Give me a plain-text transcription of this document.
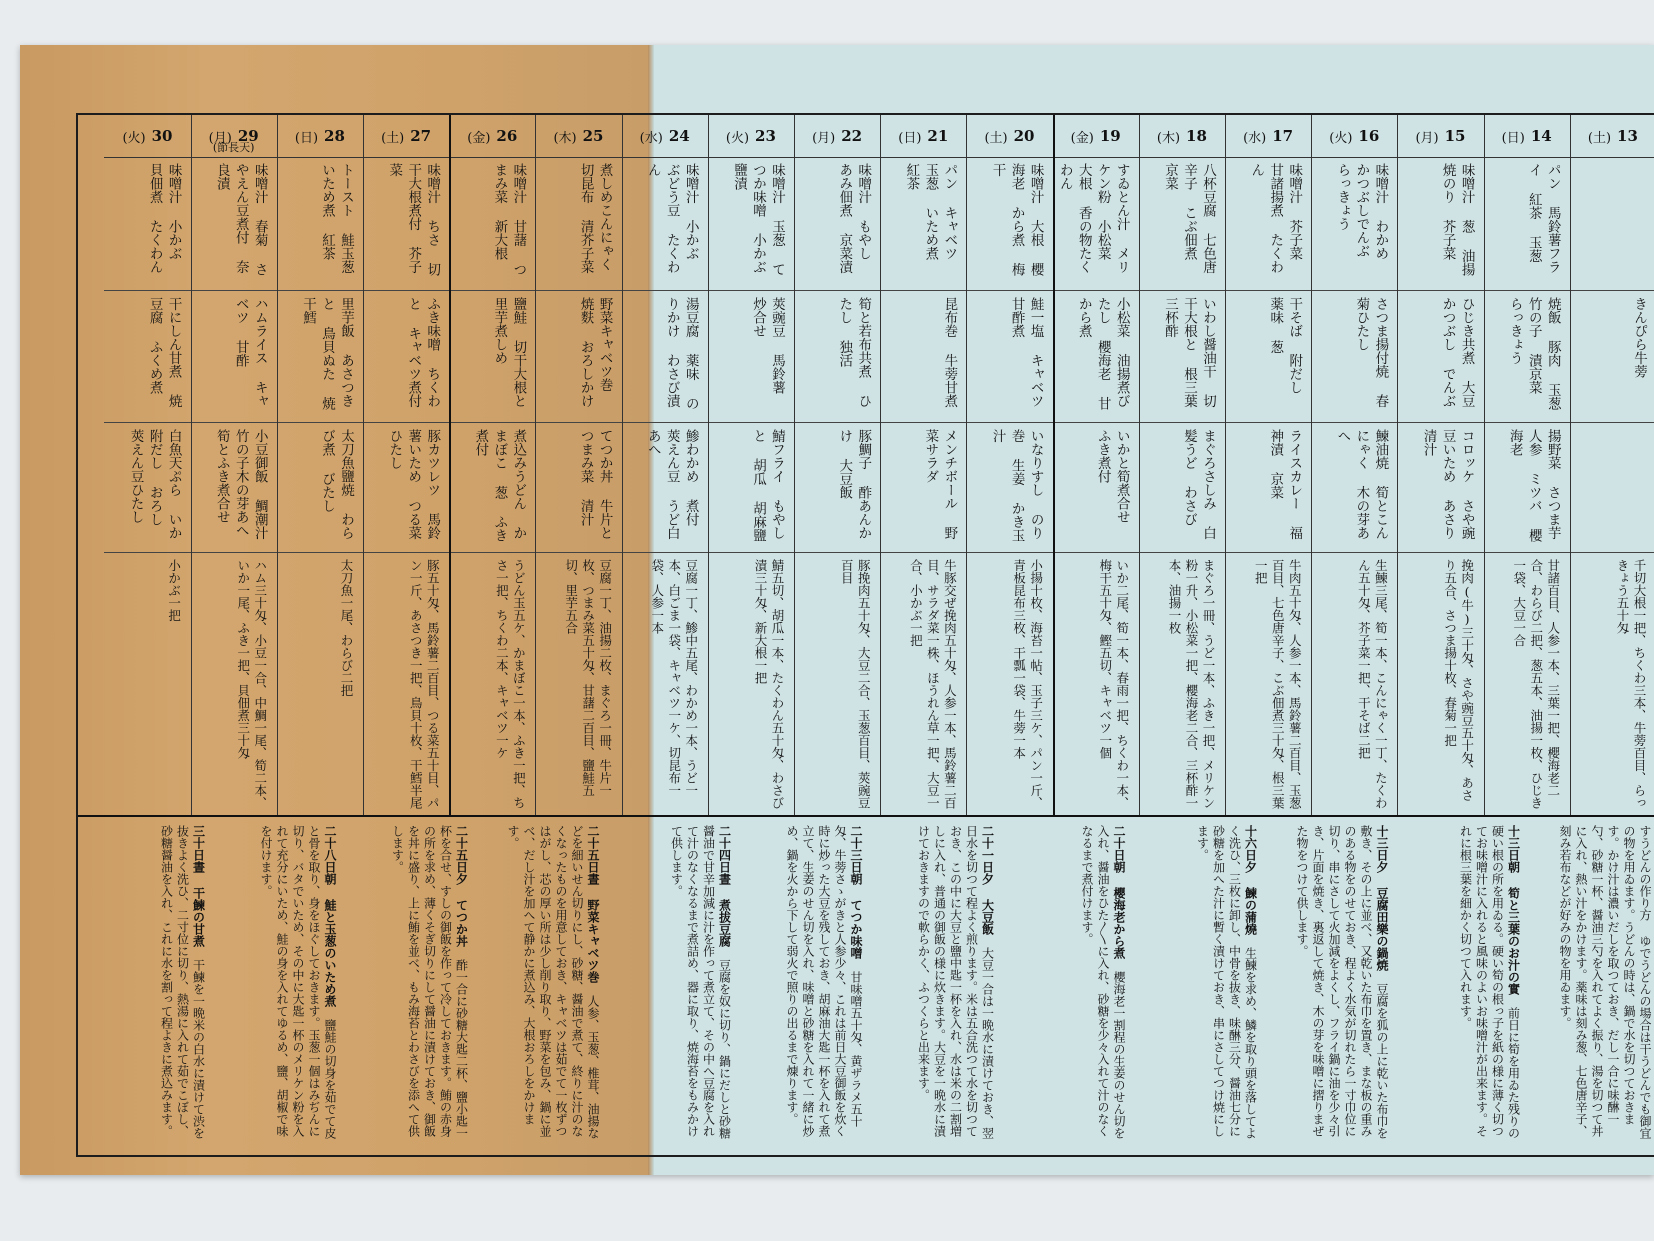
(土) 13
きんぴら牛蒡
千切大根一把、ちくわ三本、牛蒡百目、らっきょう五十匁
(日) 14
パン 馬鈴薯フライ 紅茶 玉葱
焼飯 豚肉 玉葱 竹の子 漬京菜 らっきょう
揚野菜 さつま芋 人参 ミツバ 櫻海老
甘諸百目、人参一本、三葉一把、櫻海老二合、わらび二把、葱五本、油揚一枚、ひじき一袋、大豆一合
(月) 15
味噌汁 葱 油揚 焼のり 芥子菜
ひじき共煮 大豆 かつぶし でんぶ
コロッケ さや豌豆いため あさり清汁
挽肉(牛)三十匁、さや豌豆五十匁、あさり五合、さつま揚十枚、春菊一把
(火) 16
味噌汁 わかめ かつぶしでんぶ らっきょう
さつま揚付焼 春菊ひたし
鰊油焼 筍とこんにゃく 木の芽あへ
生鰊三尾、筍一本、こんにゃく一丁、たくわん五十匁、芥子菜一把、干そば二把
(水) 17
味噌汁 芥子菜 甘諸揚煮 たくわん
干そば 附だし 薬味 葱
ライスカレー 福神漬 京菜
牛肉五十匁、人参一本、馬鈴薯二百目、玉葱百目、七色唐辛子、こぶ佃煮三十匁、根三葉一把
(木) 18
八杯豆腐 七色唐辛子 こぶ佃煮 京菜
いわし醤油干 切干大根と 根三葉 三杯酢
まぐろさしみ 白髪うど わさび
まぐろ一冊、うど一本、ふき一把、メリケン粉一升、小松菜一把、櫻海老二合、三杯酢一本、油揚一枚
(金) 19
すゐとん汁 メリケン粉 小松菜 大根 香の物たくわん
小松菜 油揚煮びたし 櫻海老 甘から煮
いかと筍煮合せ ふき煮付
いか二尾、筍一本、春雨一把、ちくわ一本、梅干五十匁、鰹五切、キャベツ一個
(土) 20
味噌汁 大根 櫻海老 から煮 梅干
鮭一塩 キャベツ 甘酢煮
いなりすし のり巻 生姜 かき玉汁
小揚十枚、海苔一帖、玉子三ケ、パン一斤、青板昆布三枚、干瓢一袋、牛蒡一本
(日) 21
パン キャベツ 玉葱 いため煮 紅茶
昆布巻 牛蒡甘煮
メンチボール 野菜サラダ
牛豚交ぜ挽肉五十匁、人参一本、馬鈴薯二百目、サラダ菜一株、ほうれん草一把、大豆一合、小かぶ一把
(月) 22
味噌汁 もやし あみ佃煮 京菜漬
筍と若布共煮 ひたし 独活
豚鯛子 酢あんかけ 大豆飯
豚挽肉五十匁、大豆二合、玉葱百目、莢豌豆百目
(火) 23
味噌汁 玉葱 てつか味噌 小かぶ鹽漬
莢豌豆 馬鈴薯 炒合せ
鯖フライ もやしと 胡瓜 胡麻鹽
鯖五切、胡瓜一本、たくわん五十匁、わさび漬三十匁、新大根一把
(水) 24
味噌汁 小かぶ ぶどう豆 たくわん
湯豆腐 薬味 のりかけ わさび漬
鯵わかめ 煮付 莢えん豆 うど白あへ
豆腐一丁、鯵中五尾、わかめ一本、うど一本、白ごま一袋、キャベツ一ケ、切昆布一袋、人参一本
(木) 25
煮しめこんにゃく 切昆布 清芥子菜
野菜キャベツ巻 焼麩 おろしかけ
てつか丼 牛片と つまみ菜 清汁
豆腐一丁、油揚二枚、まぐろ一冊、牛片一枚、つまみ菜五十匁、甘藷二百目、鹽鮭五切、里芋五合
(金) 26
味噌汁 甘藷 つまみ菜 新大根
鹽鮭 切干大根と 里芋煮しめ
煮込みうどん かまぼこ 葱 ふき煮付
うどん玉五ケ、かまぼこ一本、ふき一把、ちさ一把、ちくわ二本、キャベツ一ケ
(土) 27
味噌汁 ちさ 切干大根煮付 芥子菜
ふき味噌 ちくわと キャベツ煮付
豚カツレツ 馬鈴薯いため つる菜ひたし
豚五十匁、馬鈴薯二百目、つる菜五十目、パン一斤、あさつき一把、鳥貝十枚、干鱈半尾
(日) 28
トースト 鮭玉葱いため煮 紅茶
里芋飯 あさつきと 鳥貝ぬた 焼干鱈
太刀魚鹽焼 わらび煮 びたし
太刀魚一尾、わらび二把
(月) 29
(節長天)
味噌汁 春菊 さやえん豆煮付 奈良漬
ハムライス キャベツ 甘酢
小豆御飯 鯛潮汁 竹の子木の芽あへ 筍とふき煮合せ
ハム三十匁、小豆一合、中鯛一尾、筍二本、いか一尾、ふき一把、貝佃煮三十匁
(火) 30
味噌汁 小かぶ 貝佃煮 たくわん
干にしん甘煮 焼豆腐 ふくめ煮
白魚天ぷら いか附だし おろし 莢えん豆ひたし
小かぶ一把
すうどんの作り方 ゆでうどんの場合は干うどんでも御宜の物を用ゐます。うどんの時は、鍋で水を切つておきます。かけ汁は濃いだしを取つておき、だし一合に味醂一勺、砂糖一杯、醤油三勺を入れてよく振り、湯を切つて丼に入れ、熱い汁をかけます。薬味は刻み葱、七色唐辛子、刻み若布などが好みの物を用ゐます。
十三日朝 筍と三葉のお汁の實　前日に筍を用ゐた残りの硬い根の所を用ゐる。硬い筍の根っ子を紙の様に薄く切つてお味噌汁に入れると風味のよいお味噌汁が出来ます。それに根三葉を細かく切つて入れます。
十三日夕 豆腐田樂の鍋焼　豆腐を狐の上に乾いた布巾を敷き、その上に並べ、又乾いた布巾を置き、まな板の重みのある物をのせておき、程よく水気が切れたら一寸巾位に切り、串にさして火加減をよくし、フライ鍋に油を少々引き、片面を焼き、裏返して焼き、木の芽を味噌に摺りまぜた物をつけて供します。
十六日夕 鰊の蒲燒　生鰊を求め、鱗を取り頭を落してよく洗ひ、三枚に卸し、中骨を抜き、味醂三分、醤油七分に砂糖を加へた汁に暫く漬けておき、串にさしてつけ焼にします。
二十日朝 櫻海老から煮　櫻海老一割程の生姜のせん切を入れ、醤油をひた〳〵に入れ、砂糖を少々入れて汁のなくなるまで煮付けます。
二十一日夕 大豆飯　大豆一合は一晩水に漬けておき、翌日水を切つて程よく煎ります。米は五合洗つて水を切つておき、この中に大豆と鹽中匙一杯を入れ、水は米の二割増しに入れ、普通の御飯の様に炊きます。大豆を一晩水に漬けておきますので軟らかく、ふつくらと出来ます。
二十三日朝 てつか味噌　甘味噌五十匁、黄ザラメ五十匁、牛蒡さゝがきと人参少々、これは前日大豆御飯を炊く時に炒った大豆を残しておき、胡麻油大匙一杯を入れて煮立て、生姜のせん切を入れ、味噌と砂糖を入れて一緒に炒め、鍋を火から下して弱火で照りの出るまで煉ります。
二十四日晝 煮拔豆腐　豆腐を奴に切り、鍋にだしと砂糖醤油で甘辛加減に汁を作って煮立て、その中へ豆腐を入れて汁のなくなるまで煮詰め、器に取り、焼海苔をもみかけて供します。
二十五日晝 野菜キャベツ巻　人参、玉葱、椎茸、油揚などを細いせん切りにし、砂糖、醤油で煮て、終りに汁のなくなったものを用意しておき、キャベツは茹でて一枚ずつはがし、芯の厚い所は少し削り取り、野菜を包み、鍋に並べ、だし汁を加へて静かに煮込み、大根おろしをかけます。
二十五日夕 てつか丼　酢一合に砂糖大匙二杯、鹽小匙一杯を合せ、すしの御飯を作って冷しておきます。鮪の赤身の所を求め、薄くそぎ切りにして醤油に漬けておき、御飯を丼に盛り、上に鮪を並べ、もみ海苔とわさびを添へて供します。
二十八日朝 鮭と玉葱のいため煮　鹽鮭の切身を茹でて皮と骨を取り、身をほぐしておきます。玉葱一個はみぢんに切り、バタでいため、その中に大匙一杯のメリケン粉を入れて充分にいため、鮭の身を入れてゆるめ、鹽、胡椒で味を付けます。
三十日晝 干鰊の甘煮　干鰊を一晩米の白水に漬けて渋を抜きよく洗ひ、二寸位に切り、熱湯に入れて茹でこぼし、砂糖醤油を入れ、これに水を割って程よきに煮込みます。
